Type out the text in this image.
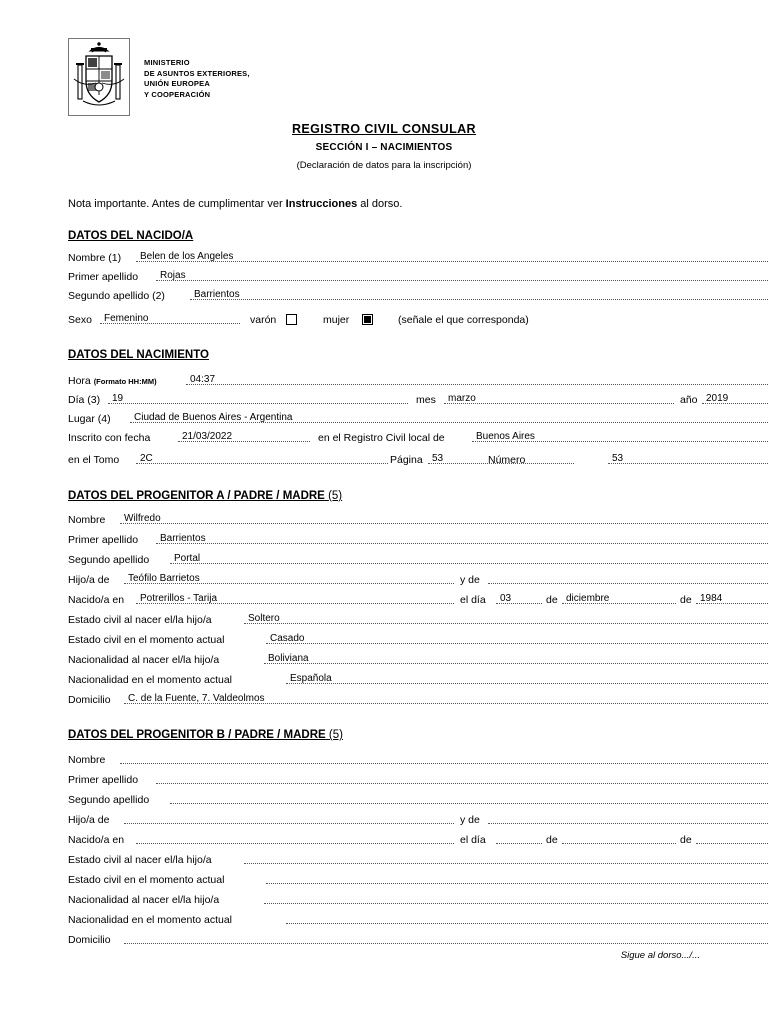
MINISTERIO
DE ASUNTOS EXTERIORES,
UNIÓN EUROPEA
Y COOPERACIÓN
REGISTRO CIVIL CONSULAR
SECCIÓN I – NACIMIENTOS
(Declaración de datos para la inscripción)
Nota importante. Antes de cumplimentar ver Instrucciones al dorso.
DATOS DEL NACIDO/A
Nombre (1) Belen de los Angeles
Primer apellido Rojas
Segundo apellido (2)	Barrientos
Sexo Femenino	varón	mujer	(señale el que corresponda)
DATOS DEL NACIMIENTO
Hora (Formato HH:MM)	04:37
Día (3) 19	mes marzo	año 2019
Lugar (4) Ciudad de Buenos Aires - Argentina
Inscrito con fecha	21/03/2022	en el Registro Civil local de	Buenos Aires
en el Tomo 2C	Página 53	Número	53
DATOS DEL PROGENITOR A / PADRE / MADRE (5)
Nombre Wilfredo
Primer apellido Barrientos
Segundo apellido Portal
Hijo/a de Teófilo Barrietos	y de
Nacido/a en Potrerillos - Tarija	el día 03	de diciembre	de 1984
Estado civil al nacer el/la hijo/a	Soltero
Estado civil en el momento actual	Casado
Nacionalidad al nacer el/la hijo/a	Boliviana
Nacionalidad en el momento actual	Española
Domicilio C. de la Fuente, 7. Valdeolmos
DATOS DEL PROGENITOR B / PADRE / MADRE (5)
Nombre
Primer apellido
Segundo apellido
Hijo/a de	y de
Nacido/a en	el día	de	de
Estado civil al nacer el/la hijo/a
Estado civil en el momento actual
Nacionalidad al nacer el/la hijo/a
Nacionalidad en el momento actual
Domicilio
Sigue al dorso.../...
